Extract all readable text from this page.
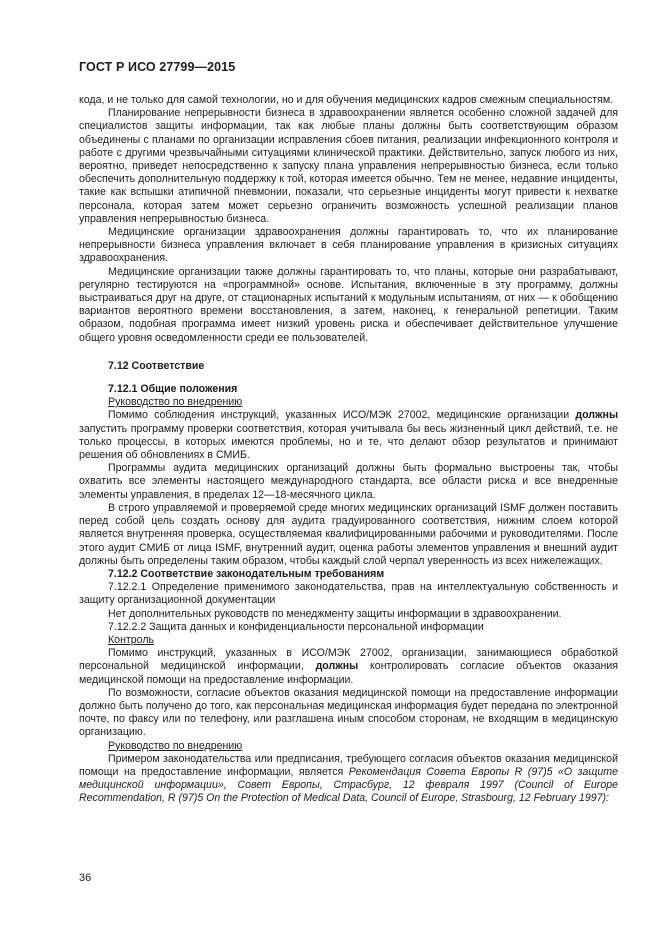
ГОСТ Р ИСО 27799—2015

кода, и не только для самой технологии, но и для обучения медицинских кадров смежным специальностям.

Планирование непрерывности бизнеса в здравоохранении является особенно сложной задачей для специалистов защиты информации, так как любые планы должны быть соответствующим образом объединены с планами по организации исправления сбоев питания, реализации инфекционного контроля и работе с другими чрезвычайными ситуациями клинической практики. Действительно, запуск любого из них, вероятно, приведет непосредственно к запуску плана управления непрерывностью бизнеса, если только обеспечить дополнительную поддержку к той, которая имеется обычно. Тем не менее, недавние инциденты, такие как вспышки атипичной пневмонии, показали, что серьезные инциденты могут привести к нехватке персонала, которая затем может серьезно ограничить возможность успешной реализации планов управления непрерывностью бизнеса.

Медицинские организации здравоохранения должны гарантировать то, что их планирование непрерывности бизнеса управления включает в себя планирование управления в кризисных ситуациях здравоохранения.

Медицинские организации также должны гарантировать то, что планы, которые они разрабатывают, регулярно тестируются на «программной» основе. Испытания, включенные в эту программу, должны выстраиваться друг на друге, от стационарных испытаний к модульным испытаниям, от них — к обобщению вариантов вероятного времени восстановления, а затем, наконец, к генеральной репетиции. Таким образом, подобная программа имеет низкий уровень риска и обеспечивает действительное улучшение общего уровня осведомленности среди ее пользователей.

7.12 Соответствие

7.12.1 Общие положения

Руководство по внедрению

Помимо соблюдения инструкций, указанных ИСО/МЭК 27002, медицинские организации должны запустить программу проверки соответствия, которая учитывала бы весь жизненный цикл действий, т.е. не только процессы, в которых имеются проблемы, но и те, что делают обзор результатов и принимают решения об обновлениях в СМИБ.

Программы аудита медицинских организаций должны быть формально выстроены так, чтобы охватить все элементы настоящего международного стандарта, все области риска и все внедренные элементы управления, в пределах 12—18-месячного цикла.

В строго управляемой и проверяемой среде многих медицинских организаций ISMF должен поставить перед собой цель создать основу для аудита градуированного соответствия, нижним слоем которой является внутренняя проверка, осуществляемая квалифицированными рабочими и руководителями. После этого аудит СМИБ от лица ISMF, внутренний аудит, оценка работы элементов управления и внешний аудит должны быть определены таким образом, чтобы каждый слой черпал уверенность из всех нижележащих.

7.12.2 Соответствие законодательным требованиям

7.12.2.1 Определение применимого законодательства, прав на интеллектуальную собственность и защиту организационной документации

Нет дополнительных руководств по менеджменту защиты информации в здравоохранении.

7.12.2.2 Защита данных и конфиденциальности персональной информации

Контроль

Помимо инструкций, указанных в ИСО/МЭК 27002, организации, занимающиеся обработкой персональной медицинской информации, должны контролировать согласие объектов оказания медицинской помощи на предоставление информации.

По возможности, согласие объектов оказания медицинской помощи на предоставление информации должно быть получено до того, как персональная медицинская информация будет передана по электронной почте, по факсу или по телефону, или разглашена иным способом сторонам, не входящим в медицинскую организацию.

Руководство по внедрению

Примером законодательства или предписания, требующего согласия объектов оказания медицинской помощи на предоставление информации, является Рекомендация Совета Европы R (97)5 «О защите медицинской информации», Совет Европы, Страсбург, 12 февраля 1997 (Council of Europe Recommendation, R (97)5 On the Protection of Medical Data, Council of Europe, Strasbourg, 12 February 1997):

36
